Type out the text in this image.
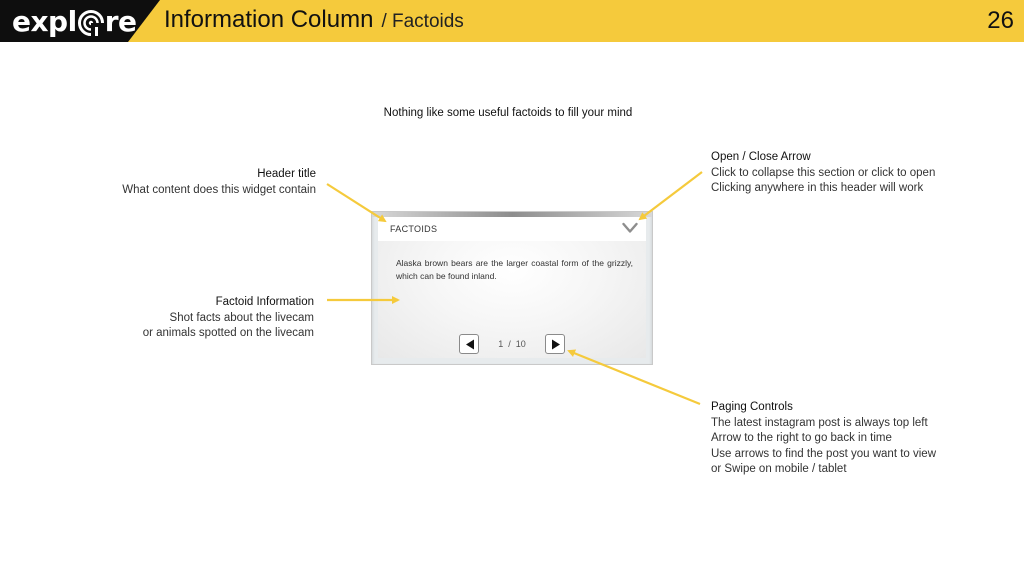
expl re Information Column / Factoids	26
Nothing like some useful factoids to fill your mind
Header title
What content does this widget contain
Factoid Information
Shot facts about the livecam
or animals spotted on the livecam
Open / Close Arrow
Click to collapse this section or click to open
Clicking anywhere in this header will work
Paging Controls
The latest instagram post is always top left
Arrow to the right to go back in time
Use arrows to find the post you want to view
or Swipe on mobile / tablet
FACTOIDS
Alaska brown bears are the larger coastal form of the grizzly, which can be found inland.
1 / 10
